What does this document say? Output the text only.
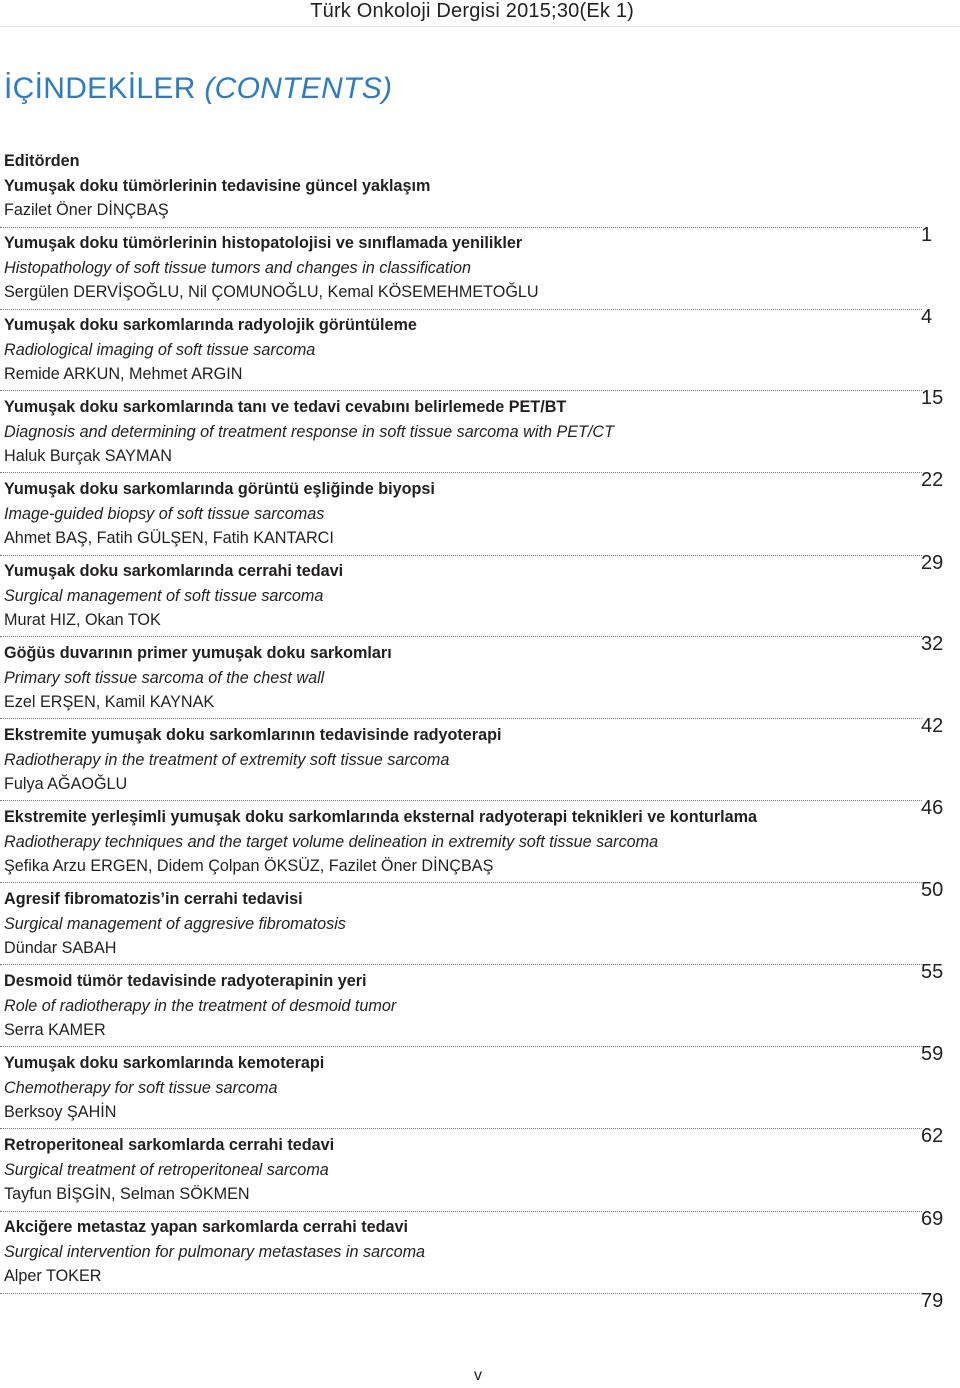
Türk Onkoloji Dergisi 2015;30(Ek 1)
İÇİNDEKİLER (CONTENTS)
Editörden
Yumuşak doku tümörlerinin tedavisine güncel yaklaşım
Fazilet Öner DİNÇBAŞ
1
Yumuşak doku tümörlerinin histopatolojisi ve sınıflamada yenilikler
Histopathology of soft tissue tumors and changes in classification
Sergülen DERVİŞOĞLU, Nil ÇOMUNOĞLU, Kemal KÖSEMEHMETOĞLU
4
Yumuşak doku sarkomlarında radyolojik görüntüleme
Radiological imaging of soft tissue sarcoma
Remide ARKUN, Mehmet ARGIN
15
Yumuşak doku sarkomlarında tanı ve tedavi cevabını belirlemede PET/BT
Diagnosis and determining of treatment response in soft tissue sarcoma with PET/CT
Haluk Burçak SAYMAN
22
Yumuşak doku sarkomlarında görüntü eşliğinde biyopsi
Image-guided biopsy of soft tissue sarcomas
Ahmet BAŞ, Fatih GÜLŞEN, Fatih KANTARCI
29
Yumuşak doku sarkomlarında cerrahi tedavi
Surgical management of soft tissue sarcoma
Murat HIZ, Okan TOK
32
Göğüs duvarının primer yumuşak doku sarkomları
Primary soft tissue sarcoma of the chest wall
Ezel ERŞEN, Kamil KAYNAK
42
Ekstremite yumuşak doku sarkomlarının tedavisinde radyoterapi
Radiotherapy in the treatment of extremity soft tissue sarcoma
Fulya AĞAOĞLU
46
Ekstremite yerleşimli yumuşak doku sarkomlarında eksternal radyoterapi teknikleri ve konturlama
Radiotherapy techniques and the target volume delineation in extremity soft tissue sarcoma
Şefika Arzu ERGEN, Didem Çolpan ÖKSÜZ, Fazilet Öner DİNÇBAŞ
50
Agresif fibromatozis’in cerrahi tedavisi
Surgical management of aggresive fibromatosis
Dündar SABAH
55
Desmoid tümör tedavisinde radyoterapinin yeri
Role of radiotherapy in the treatment of desmoid tumor
Serra KAMER
59
Yumuşak doku sarkomlarında kemoterapi
Chemotherapy for soft tissue sarcoma
Berksoy ŞAHİN
62
Retroperitoneal sarkomlarda cerrahi tedavi
Surgical treatment of retroperitoneal sarcoma
Tayfun BİŞGİN, Selman SÖKMEN
69
Akciğere metastaz yapan sarkomlarda cerrahi tedavi
Surgical intervention for pulmonary metastases in sarcoma
Alper TOKER
79
v
